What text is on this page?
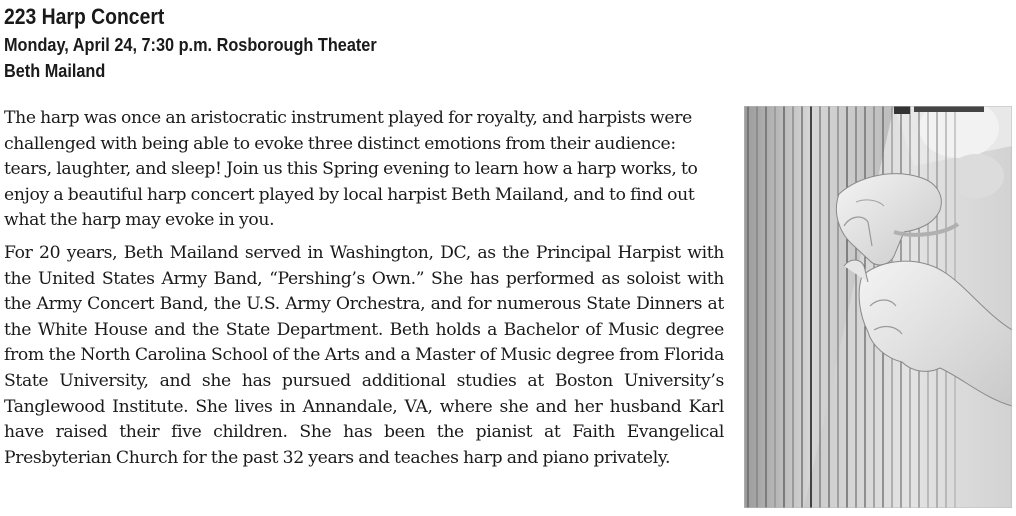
223 Harp Concert
Monday, April 24, 7:30 p.m. Rosborough Theater
Beth Mailand

The harp was once an aristocratic instrument played for royalty, and harpists were challenged with being able to evoke three distinct emotions from their audience: tears, laughter, and sleep! Join us this Spring evening to learn how a harp works, to enjoy a beautiful harp concert played by local harpist Beth Mailand, and to find out what the harp may evoke in you.

For 20 years, Beth Mailand served in Washington, DC, as the Principal Harpist with the United States Army Band, “Pershing’s Own.” She has performed as soloist with the Army Concert Band, the U.S. Army Orchestra, and for numerous State Dinners at the White House and the State Department. Beth holds a Bachelor of Music degree from the North Carolina School of the Arts and a Master of Music degree from Florida State University, and she has pursued additional studies at Boston University’s Tanglewood Institute. She lives in Annandale, VA, where she and her husband Karl have raised their five children. She has been the pianist at Faith Evangelical Presbyterian Church for the past 32 years and teaches harp and piano privately.
